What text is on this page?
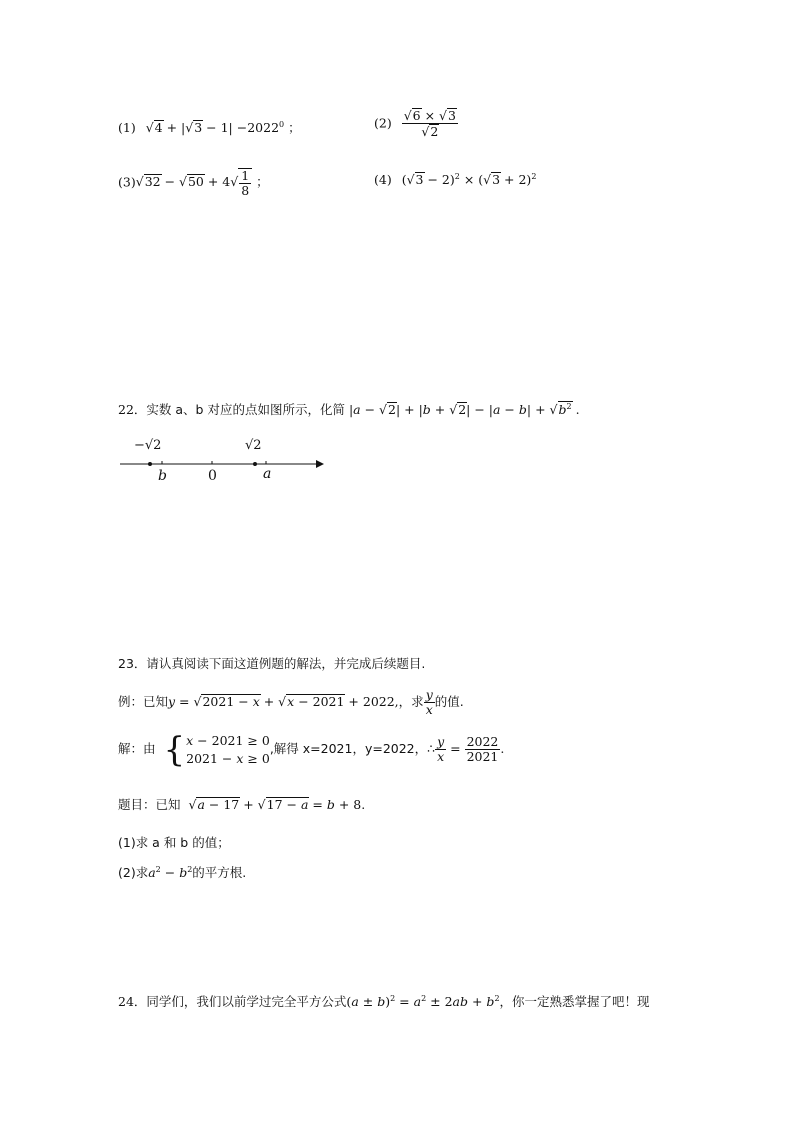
(1) $√4 + |√3 - 1| -2022^0$ ；	$(2) \frac{√6 \times √3}{√2}$
$(3)√32 - √50 + 4√ \frac{1}{8}$ ；	(4) $(√3 - 2)^2 \times (√3 + 2)^2$
22．实数 a、b 对应的点如图所示，化简 $|a - √2| + |b + √2| - |a - b| + √b^2$ .
−√2	√2
b	0	a
23．请认真阅读下面这道例题的解法，并完成后续题目.
例：已知y = √2021 − x + √x − 2021 + 2022,，求 $\frac{y}{x}$ 的值.
解：由 { x − 2021 ≥ 0
2021 − x ≥ 0
,解得 x=2021，y=2022，∴ $\frac{y}{x} = \frac{2022}{2021}$ .
题目：已知 √a − 17 + √17 − a = b + 8.
(1)求 a 和 b 的值；
(2)求$a^2 - b^2$的平方根.
24．同学们，我们以前学过完全平方公式$(a \pm b)^2 = a^2 \pm 2ab + b^2$，你一定熟悉掌握了吧！现
